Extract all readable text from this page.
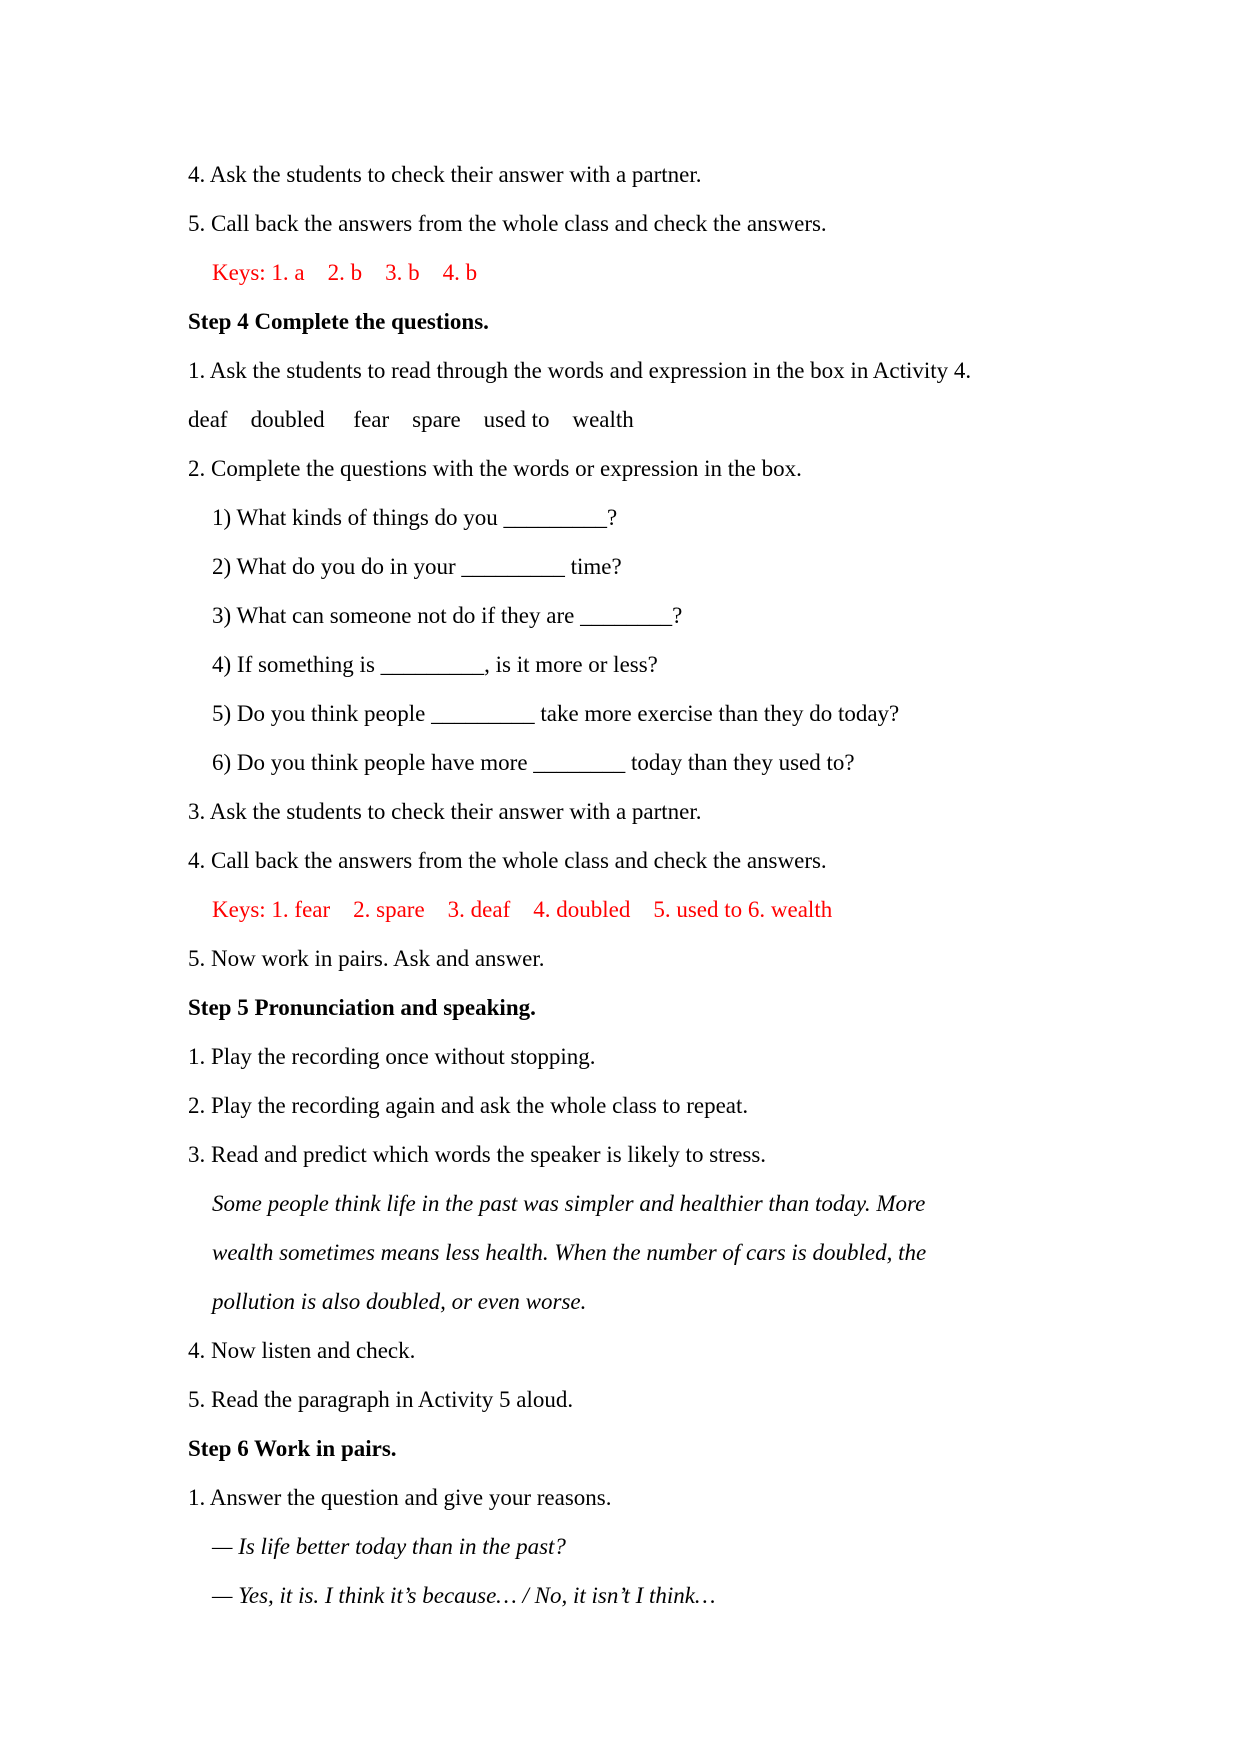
4. Ask the students to check their answer with a partner.
5. Call back the answers from the whole class and check the answers.
Keys: 1. a    2. b    3. b    4. b
Step 4 Complete the questions.
1. Ask the students to read through the words and expression in the box in Activity 4.
deaf    doubled     fear    spare    used to    wealth
2. Complete the questions with the words or expression in the box.
1) What kinds of things do you _________?
2) What do you do in your _________ time?
3) What can someone not do if they are ________?
4) If something is _________, is it more or less?
5) Do you think people _________ take more exercise than they do today?
6) Do you think people have more ________ today than they used to?
3. Ask the students to check their answer with a partner.
4. Call back the answers from the whole class and check the answers.
Keys: 1. fear    2. spare    3. deaf    4. doubled    5. used to 6. wealth
5. Now work in pairs. Ask and answer.
Step 5 Pronunciation and speaking.
1. Play the recording once without stopping.
2. Play the recording again and ask the whole class to repeat.
3. Read and predict which words the speaker is likely to stress.
Some people think life in the past was simpler and healthier than today. More
wealth sometimes means less health. When the number of cars is doubled, the
pollution is also doubled, or even worse.
4. Now listen and check.
5. Read the paragraph in Activity 5 aloud.
Step 6 Work in pairs.
1. Answer the question and give your reasons.
— Is life better today than in the past?
— Yes, it is. I think it’s because… / No, it isn’t I think…
